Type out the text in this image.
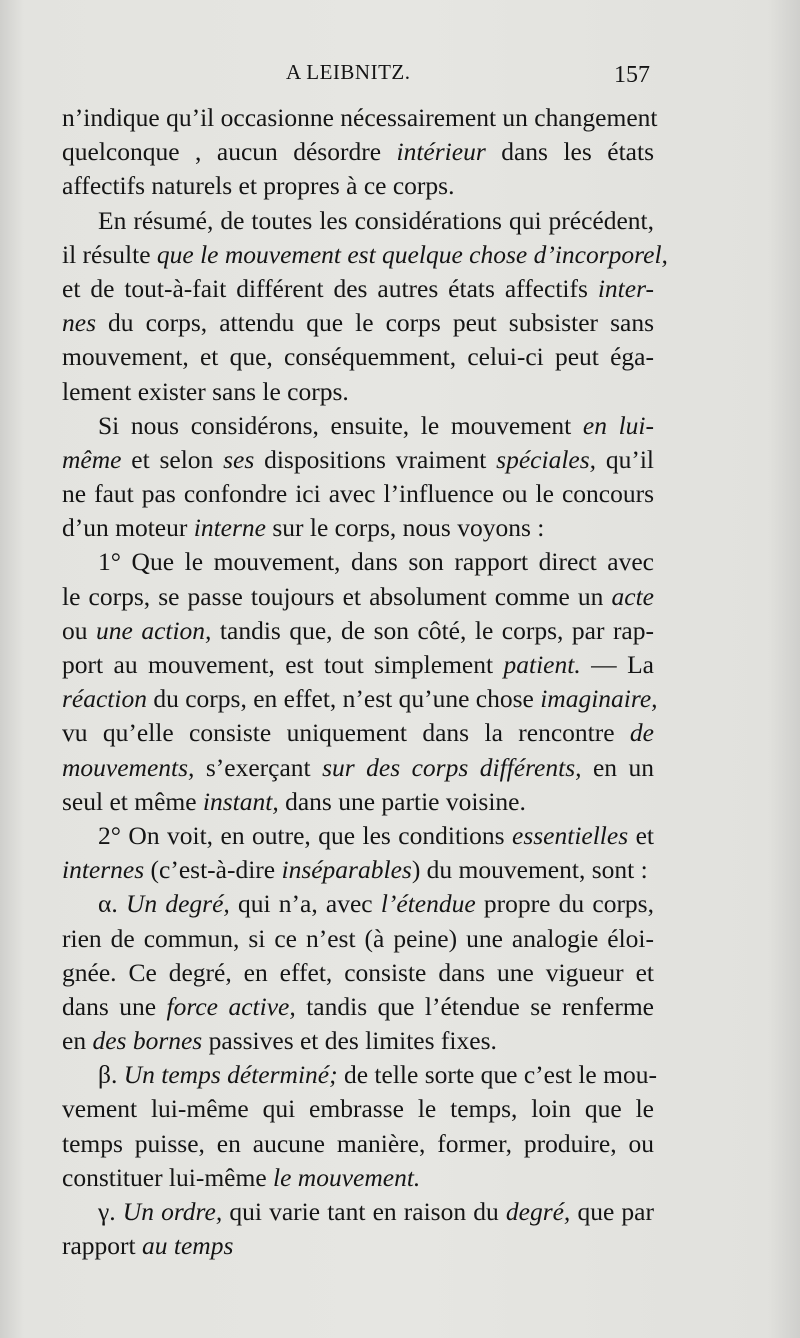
A LEIBNITZ.	157
n’indique qu’il occasionne nécessairement un changement
quelconque , aucun désordre intérieur dans les états
affectifs naturels et propres à ce corps.
En résumé, de toutes les considérations qui précédent,
il résulte que le mouvement est quelque chose d’incorporel,
et de tout-à-fait différent des autres états affectifs inter-
nes du corps, attendu que le corps peut subsister sans
mouvement, et que, conséquemment, celui-ci peut éga-
lement exister sans le corps.
Si nous considérons, ensuite, le mouvement en lui-
même et selon ses dispositions vraiment spéciales, qu’il
ne faut pas confondre ici avec l’influence ou le concours
d’un moteur interne sur le corps, nous voyons :
1° Que le mouvement, dans son rapport direct avec
le corps, se passe toujours et absolument comme un acte
ou une action, tandis que, de son côté, le corps, par rap-
port au mouvement, est tout simplement patient. — La
réaction du corps, en effet, n’est qu’une chose imaginaire,
vu qu’elle consiste uniquement dans la rencontre de
mouvements, s’exerçant sur des corps différents, en un
seul et même instant, dans une partie voisine.
2° On voit, en outre, que les conditions essentielles et
internes (c’est-à-dire inséparables) du mouvement, sont :
α. Un degré, qui n’a, avec l’étendue propre du corps,
rien de commun, si ce n’est (à peine) une analogie éloi-
gnée. Ce degré, en effet, consiste dans une vigueur et
dans une force active, tandis que l’étendue se renferme
en des bornes passives et des limites fixes.
β. Un temps déterminé; de telle sorte que c’est le mou-
vement lui-même qui embrasse le temps, loin que le
temps puisse, en aucune manière, former, produire, ou
constituer lui-même le mouvement.
γ. Un ordre, qui varie tant en raison du degré, que par
rapport au temps
